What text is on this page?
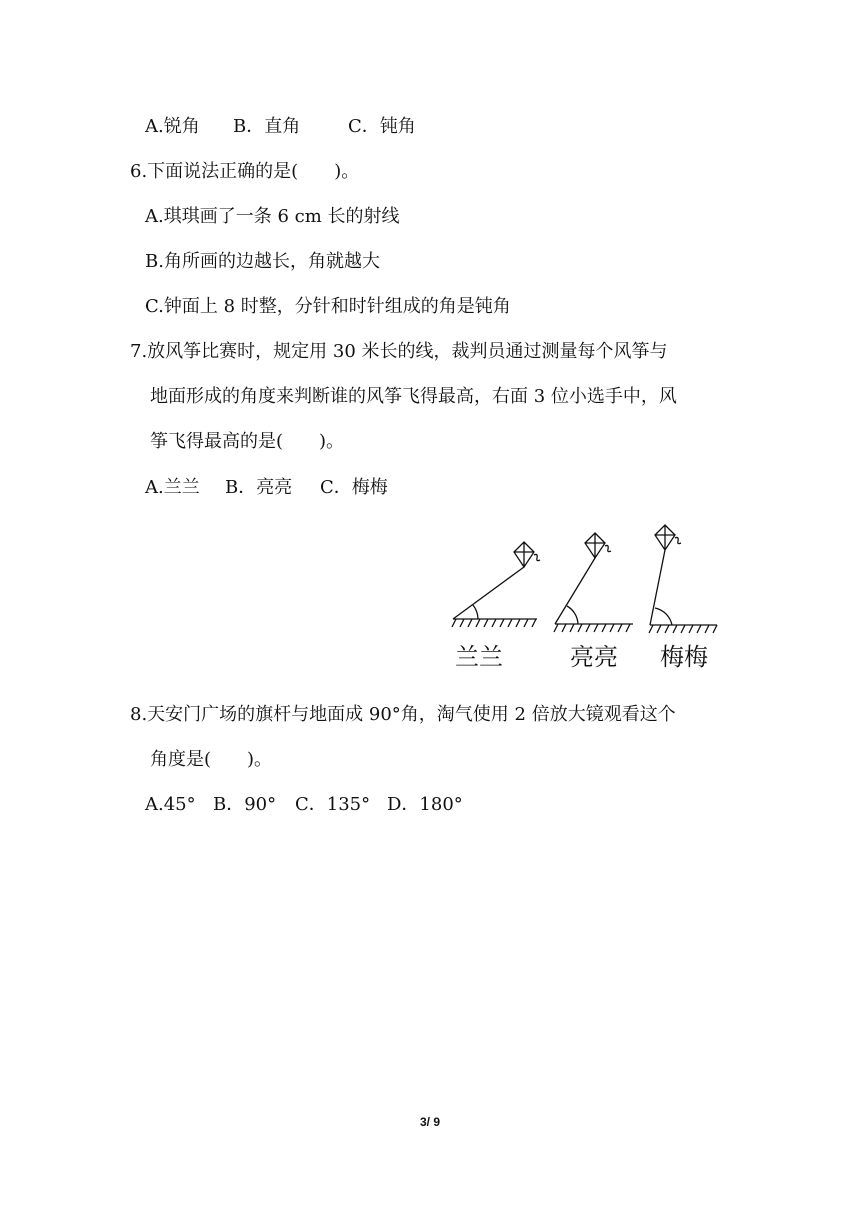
A.锐角 B．直角	C．钝角
6.下面说法正确的是(　　)。
A.琪琪画了一条 6 cm 长的射线
B.角所画的边越长，角就越大
C.钟面上 8 时整，分针和时针组成的角是钝角
7.放风筝比赛时，规定用 30 米长的线，裁判员通过测量每个风筝与
地面形成的角度来判断谁的风筝飞得最高，右面 3 位小选手中，风
筝飞得最高的是(　　)。
A.兰兰 B．亮亮 C．梅梅
兰兰	亮亮 梅梅
8.天安门广场的旗杆与地面成 90°角，淘气使用 2 倍放大镜观看这个
角度是(　　)。
A.45° B．90° C．135° D．180°
3/ 9
